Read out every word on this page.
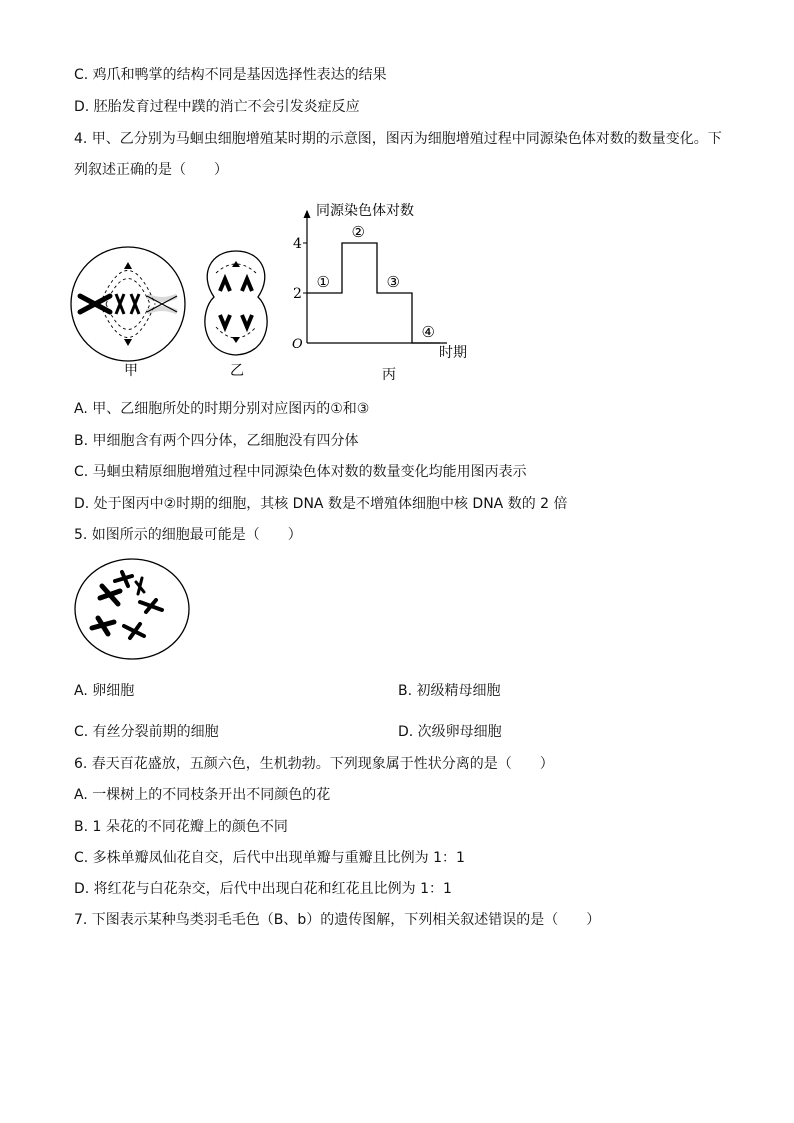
C. 鸡爪和鸭掌的结构不同是基因选择性表达的结果
D. 胚胎发育过程中蹼的消亡不会引发炎症反应
4. 甲、乙分别为马蛔虫细胞增殖某时期的示意图，图丙为细胞增殖过程中同源染色体对数的数量变化。下
列叙述正确的是（　　）
甲	乙
同源染色体对数
时期
O
丙
2
4
①
②
③
④
A. 甲、乙细胞所处的时期分别对应图丙的①和③
B. 甲细胞含有两个四分体，乙细胞没有四分体
C. 马蛔虫精原细胞增殖过程中同源染色体对数的数量变化均能用图丙表示
D. 处于图丙中②时期的细胞，其核 DNA 数是不增殖体细胞中核 DNA 数的 2 倍
5. 如图所示的细胞最可能是（　　）
A. 卵细胞	B. 初级精母细胞
C. 有丝分裂前期的细胞	D. 次级卵母细胞
6. 春天百花盛放，五颜六色，生机勃勃。下列现象属于性状分离的是（　　）
A. 一棵树上的不同枝条开出不同颜色的花
B. 1 朵花的不同花瓣上的颜色不同
C. 多株单瓣凤仙花自交，后代中出现单瓣与重瓣且比例为 1：1
D. 将红花与白花杂交，后代中出现白花和红花且比例为 1：1
7. 下图表示某种鸟类羽毛毛色（B、b）的遗传图解，下列相关叙述错误的是（　　）
